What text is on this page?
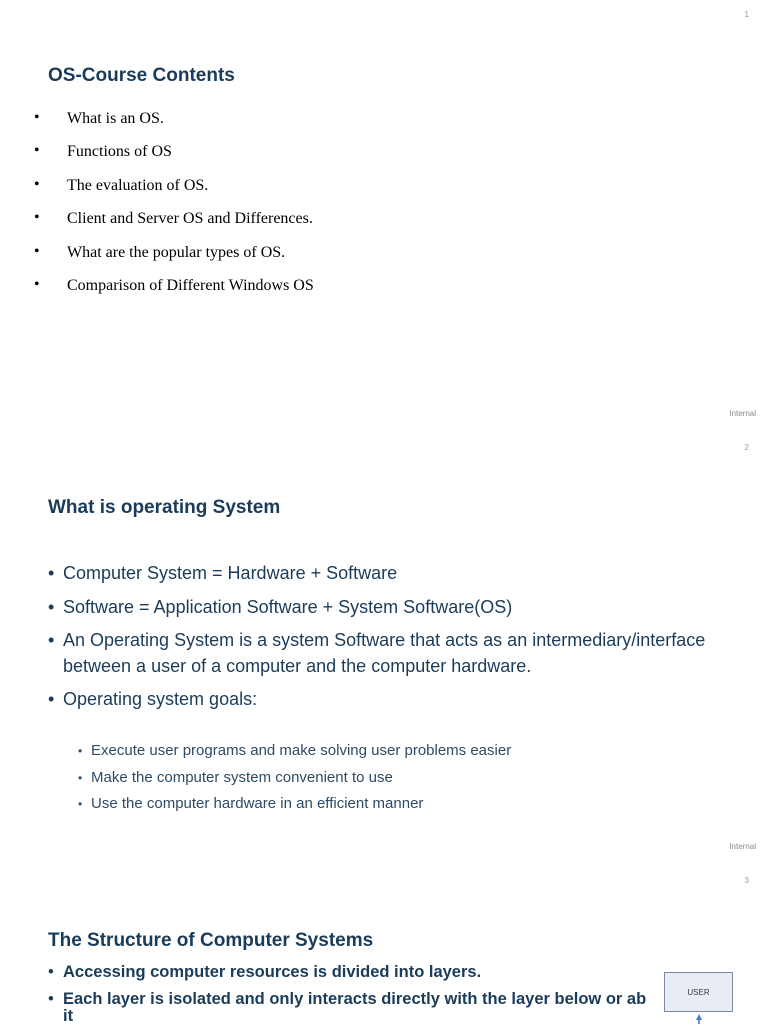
1
OS-Course Contents
• What is an OS.
• Functions of OS
• The evaluation of OS.
• Client and Server OS and Differences.
• What are the popular types of OS.
• Comparison of Different Windows OS
Internal
2
Internal
What is operating System
• Computer System = Hardware + Software
• Software = Application Software + System Software(OS)
• An Operating System is a system Software that acts as an intermediary/interface between a user of a computer and the computer hardware.
• Operating system goals:
• Execute user programs and make solving user problems easier
• Make the computer system convenient to use
• Use the computer hardware in an efficient manner
3
The Structure of Computer Systems
• Accessing computer resources is divided into layers.
• Each layer is isolated and only interacts directly with the layer below or ab it
USER
